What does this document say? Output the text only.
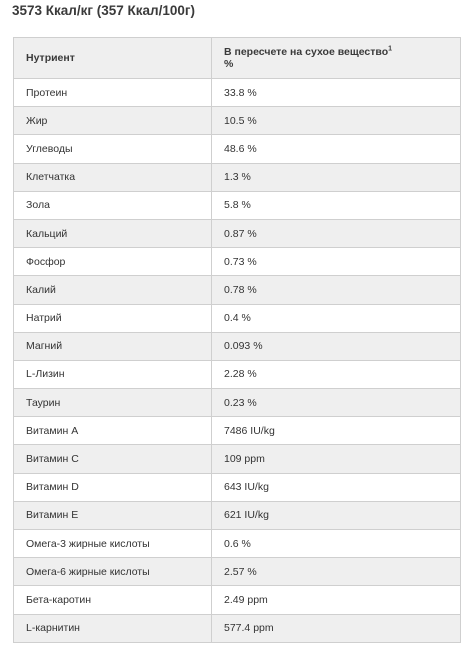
3573 Ккал/кг (357 Ккал/100г)
Нутриент	В пересчете на сухое вещество$^1$
%

Протеин	33.8 %
Жир	10.5 %
Углеводы	48.6 %
Клетчатка	1.3 %
Зола	5.8 %
Кальций	0.87 %
Фосфор	0.73 %
Калий	0.78 %
Натрий	0.4 %
Магний	0.093 %
L-Лизин	2.28 %
Таурин	0.23 %
Витамин А	7486 IU/kg
Витамин С	109 ppm
Витамин D	643 IU/kg
Витамин Е	621 IU/kg
Омега-3 жирные кислоты	0.6 %
Омега-6 жирные кислоты	2.57 %
Бета-каротин	2.49 ppm
L-карнитин	577.4 ppm
